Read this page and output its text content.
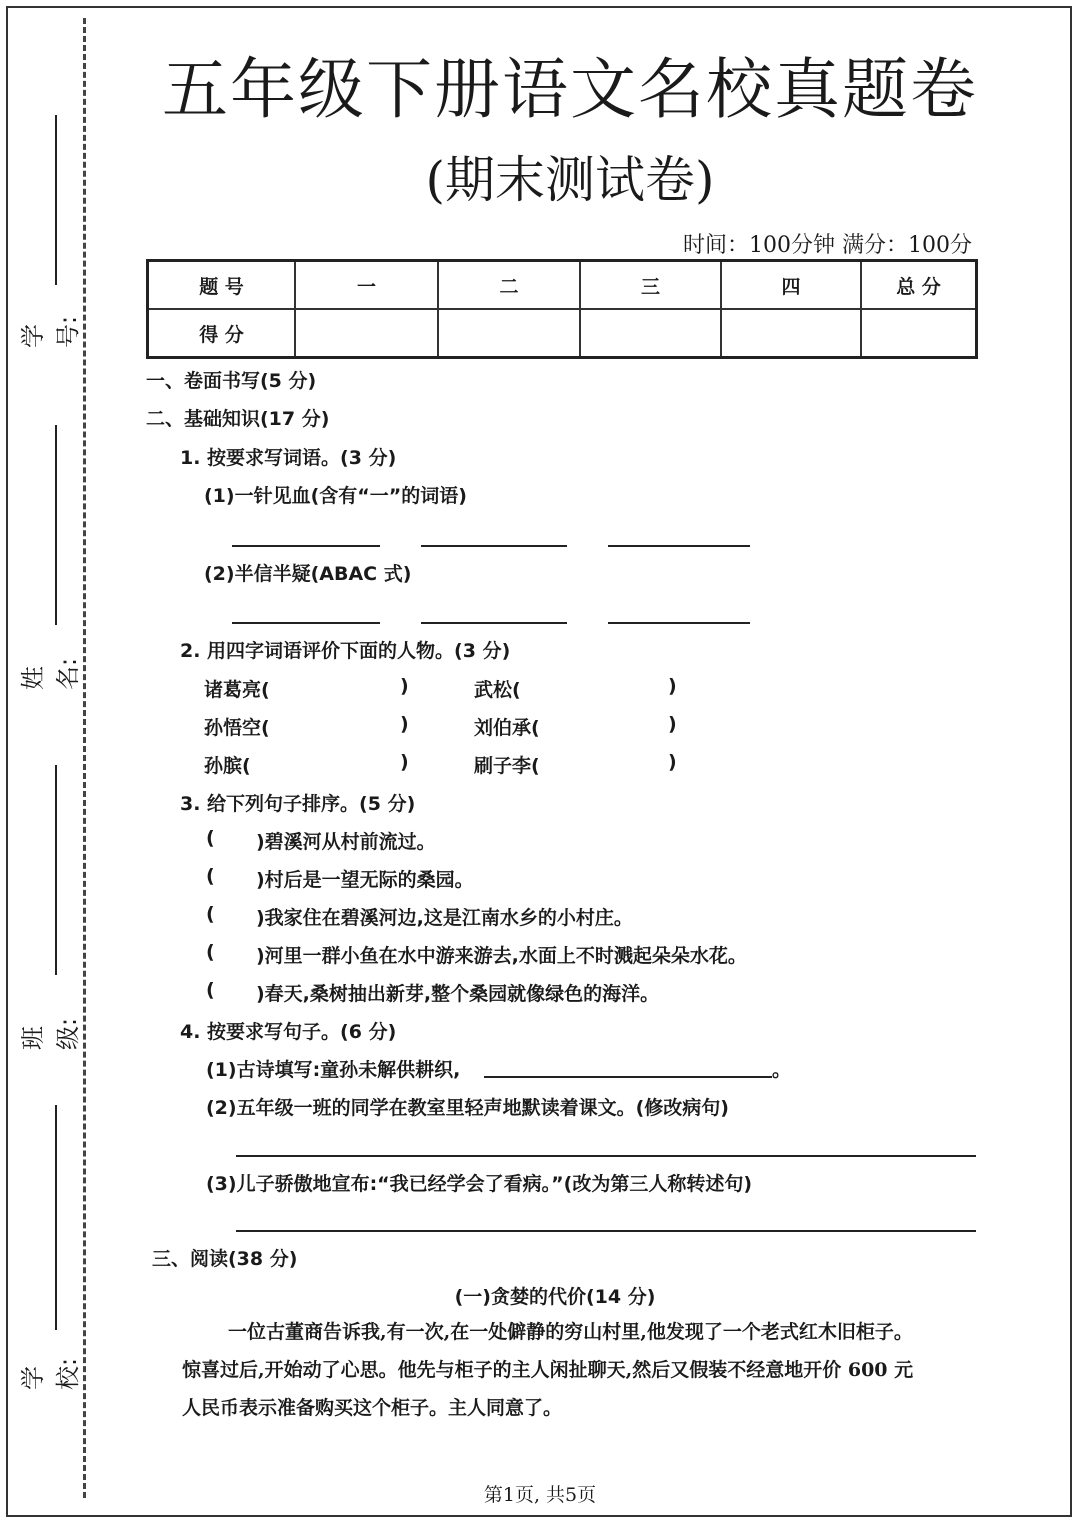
学号:
姓名:
班级:
学校:
五年级下册语文名校真题卷
(期末测试卷)
时间：100分钟 满分：100分
题 号	一	二	三	四	总 分
得 分					
一、卷面书写(5 分)
二、基础知识(17 分)
1. 按要求写词语。(3 分)
(1)一针见血(含有“一”的词语)
(2)半信半疑(ABAC 式)
2. 用四字词语评价下面的人物。(3 分)
诸葛亮(	)	武松(	)
孙悟空(	)	刘伯承(	)
孙膑(	)	刷子李(	)
3. 给下列句子排序。(5 分)
( )碧溪河从村前流过。
( )村后是一望无际的桑园。
( )我家住在碧溪河边,这是江南水乡的小村庄。
( )河里一群小鱼在水中游来游去,水面上不时溅起朵朵水花。
( )春天,桑树抽出新芽,整个桑园就像绿色的海洋。
4. 按要求写句子。(6 分)
(1)古诗填写:童孙未解供耕织,	。
(2)五年级一班的同学在教室里轻声地默读着课文。(修改病句)
(3)儿子骄傲地宣布:“我已经学会了看病。”(改为第三人称转述句)
三、阅读(38 分)
(一)贪婪的代价(14 分)
一位古董商告诉我,有一次,在一处僻静的穷山村里,他发现了一个老式红木旧柜子。
惊喜过后,开始动了心思。他先与柜子的主人闲扯聊天,然后又假装不经意地开价 600 元
人民币表示准备购买这个柜子。主人同意了。
第1页, 共5页
